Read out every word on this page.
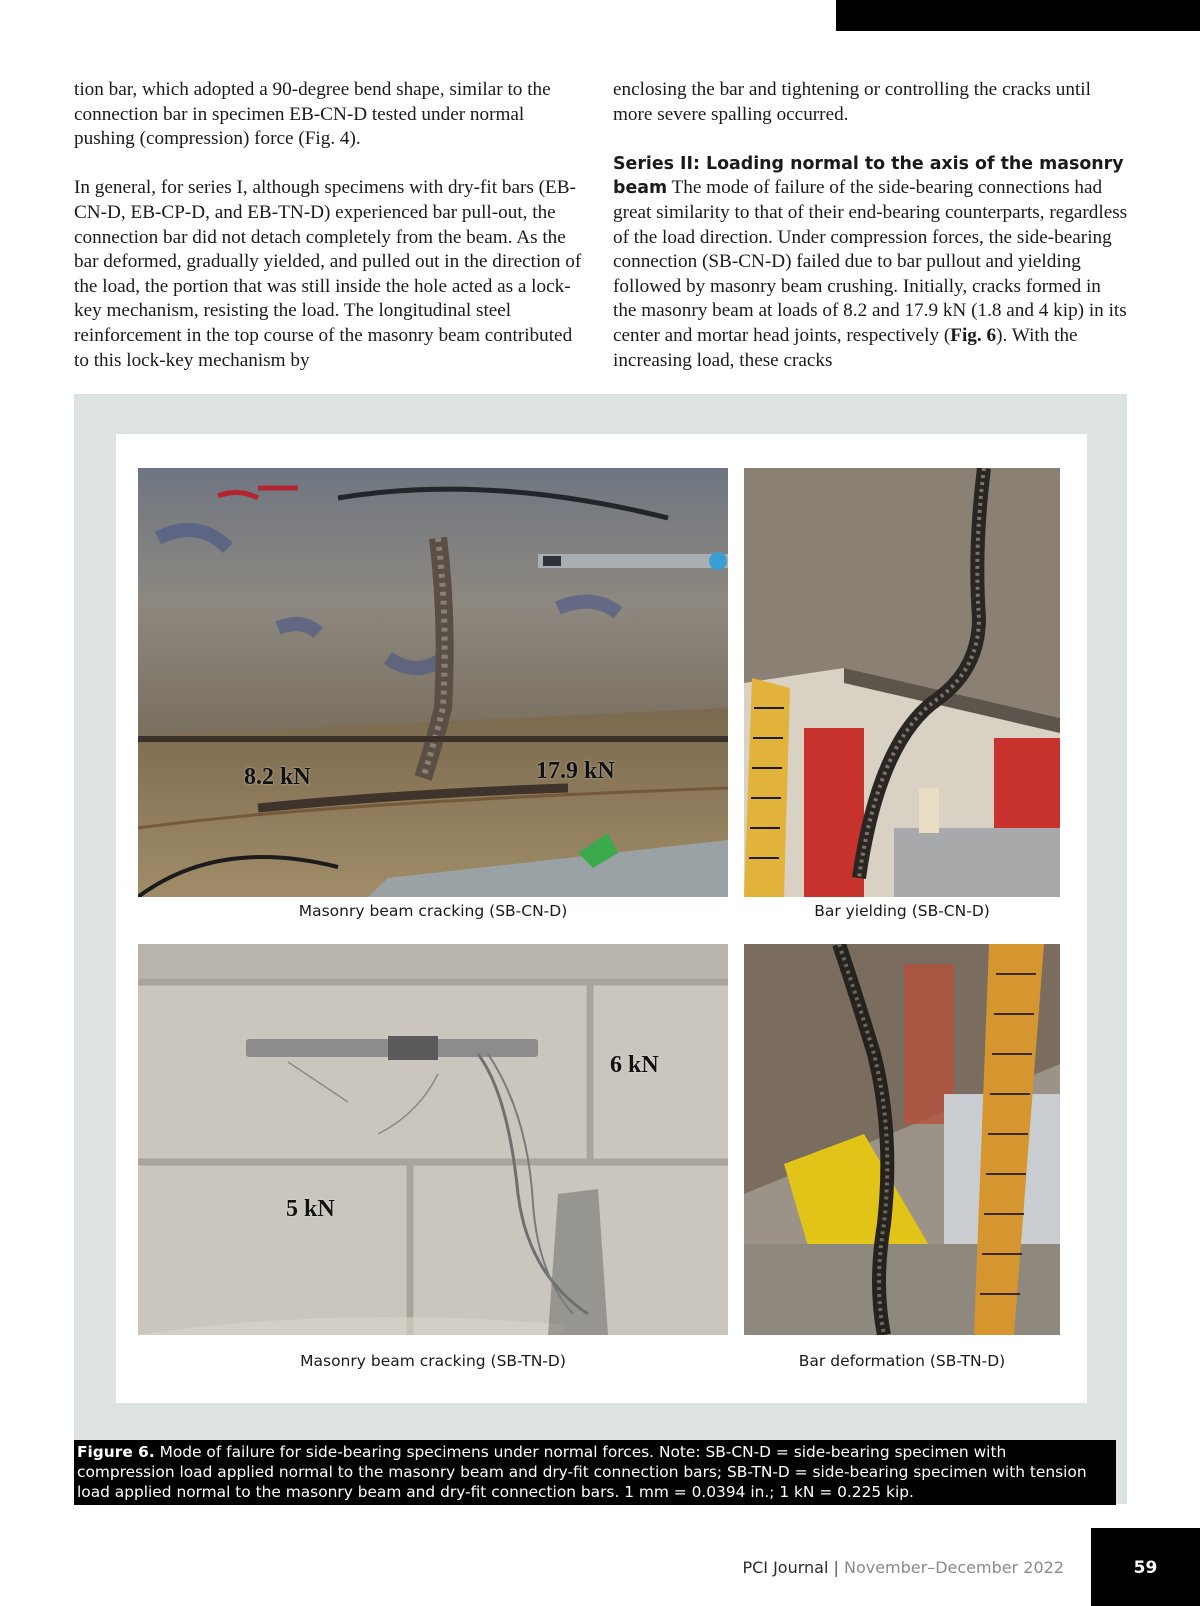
tion bar, which adopted a 90-degree bend shape, similar to the connection bar in specimen EB-CN-D tested under normal pushing (compression) force (Fig. 4).

In general, for series I, although specimens with dry-fit bars (EB-CN-D, EB-CP-D, and EB-TN-D) experienced bar pull-out, the connection bar did not detach completely from the beam. As the bar deformed, gradually yielded, and pulled out in the direction of the load, the portion that was still inside the hole acted as a lock-key mechanism, resisting the load. The longitudinal steel reinforcement in the top course of the masonry beam contributed to this lock-key mechanism by

enclosing the bar and tightening or controlling the cracks until more severe spalling occurred.

Series II: Loading normal to the axis of the masonry beam The mode of failure of the side-bearing connections had great similarity to that of their end-bearing counterparts, regardless of the load direction. Under compression forces, the side-bearing connection (SB-CN-D) failed due to bar pullout and yielding followed by masonry beam crushing. Initially, cracks formed in the masonry beam at loads of 8.2 and 17.9 kN (1.8 and 4 kip) in its center and mortar head joints, respectively (Fig. 6). With the increasing load, these cracks

8.2 kN	17.9 kN
Masonry beam cracking (SB-CN-D)	Bar yielding (SB-CN-D)
6 kN
5 kN
Masonry beam cracking (SB-TN-D)	Bar deformation (SB-TN-D)
Figure 6. Mode of failure for side-bearing specimens under normal forces. Note: SB-CN-D = side-bearing specimen with compression load applied normal to the masonry beam and dry-fit connection bars; SB-TN-D = side-bearing specimen with tension load applied normal to the masonry beam and dry-fit connection bars. 1 mm = 0.0394 in.; 1 kN = 0.225 kip.
PCI Journal | November–December 2022	59
